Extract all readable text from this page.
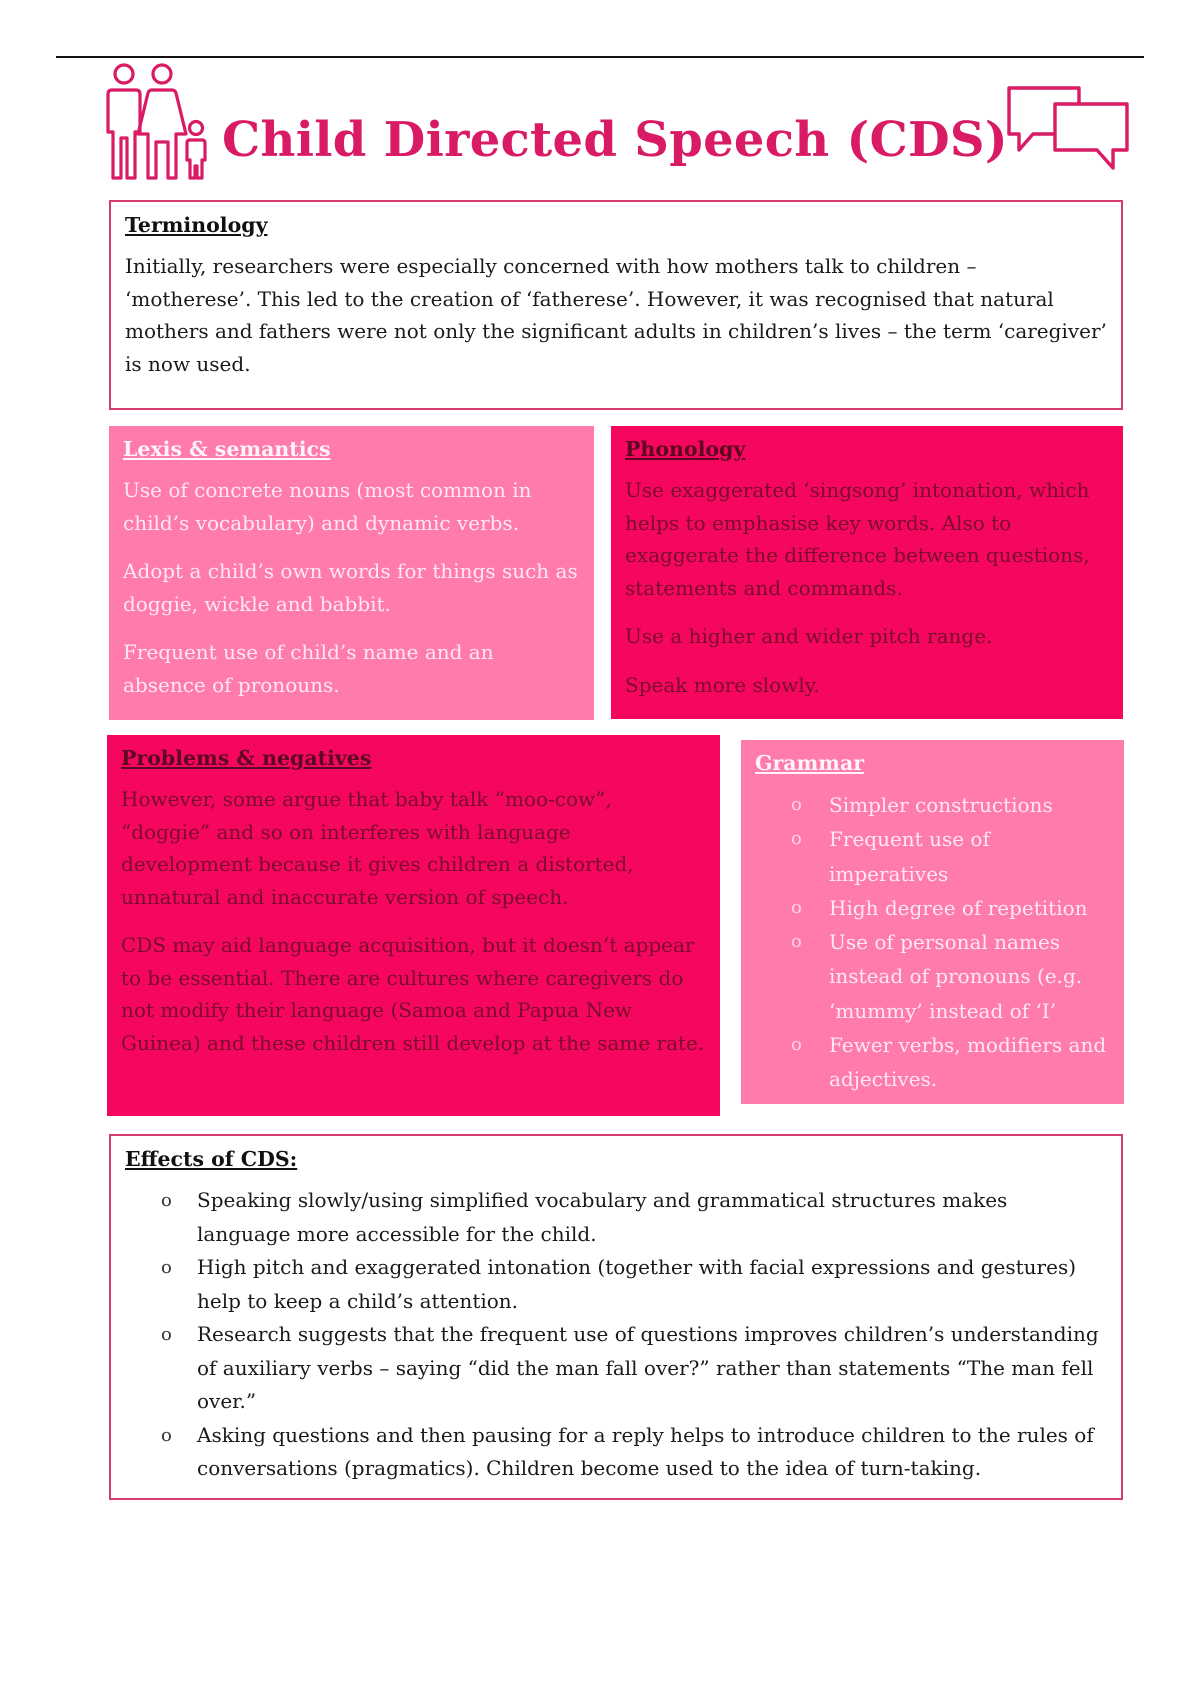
Child Directed Speech (CDS)
Terminology

Initially, researchers were especially concerned with how mothers talk to children – ‘motherese’. This led to the creation of ‘fatherese’. However, it was recognised that natural mothers and fathers were not only the significant adults in children’s lives – the term ‘caregiver’ is now used.

Lexis & semantics

Use of concrete nouns (most common in child’s vocabulary) and dynamic verbs.

Adopt a child’s own words for things such as doggie, wickle and babbit.

Frequent use of child’s name and an absence of pronouns.

Phonology

Use exaggerated ‘singsong’ intonation, which helps to emphasise key words. Also to exaggerate the difference between questions, statements and commands.

Use a higher and wider pitch range.

Speak more slowly.

Problems & negatives

However, some argue that baby talk “moo-cow”, “doggie” and so on interferes with language development because it gives children a distorted, unnatural and inaccurate version of speech.

CDS may aid language acquisition, but it doesn’t appear to be essential. There are cultures where caregivers do not modify their language (Samoa and Papua New Guinea) and these children still develop at the same rate.

Grammar
o Simpler constructions
o Frequent use of imperatives
o High degree of repetition
o Use of personal names instead of pronouns (e.g. ‘mummy’ instead of ‘I’
o Fewer verbs, modifiers and adjectives.
Effects of CDS:
o Speaking slowly/using simplified vocabulary and grammatical structures makes language more accessible for the child.
o High pitch and exaggerated intonation (together with facial expressions and gestures) help to keep a child’s attention.
o Research suggests that the frequent use of questions improves children’s understanding of auxiliary verbs – saying “did the man fall over?” rather than statements “The man fell over.”
o Asking questions and then pausing for a reply helps to introduce children to the rules of conversations (pragmatics). Children become used to the idea of turn-taking.
